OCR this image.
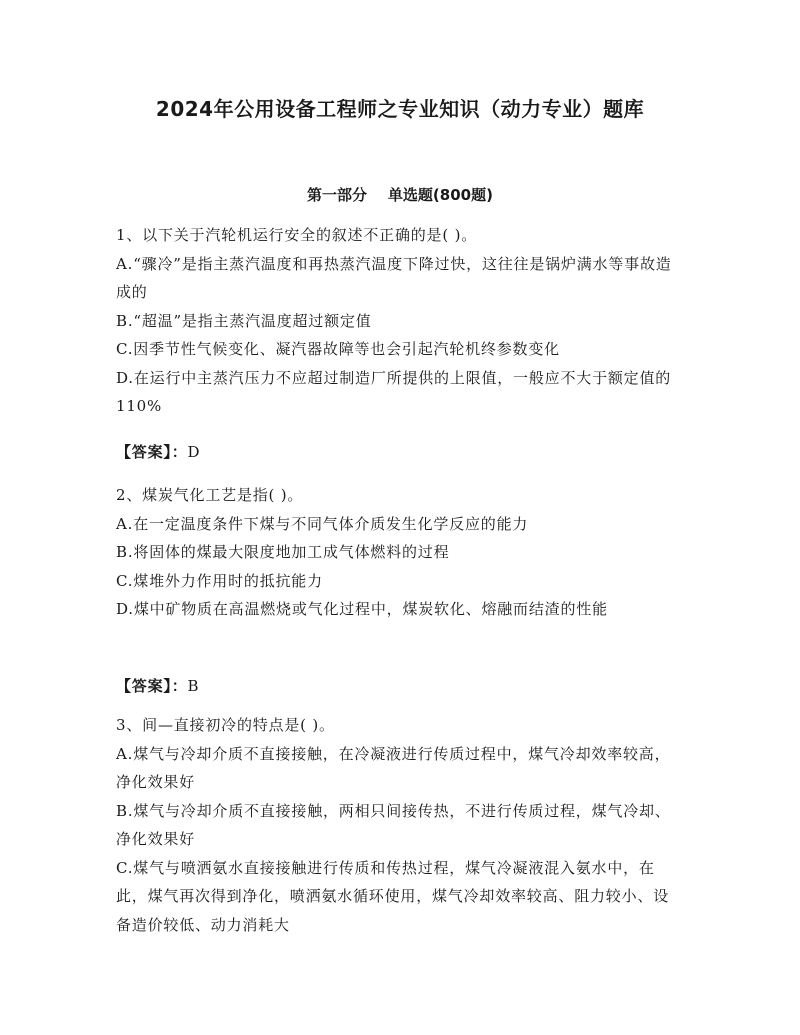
2024年公用设备工程师之专业知识（动力专业）题库
第一部分    单选题(800题)

1、以下关于汽轮机运行安全的叙述不正确的是( )。

A.“骤冷”是指主蒸汽温度和再热蒸汽温度下降过快，这往往是锅炉满水等事故造成的

B.“超温”是指主蒸汽温度超过额定值

C.因季节性气候变化、凝汽器故障等也会引起汽轮机终参数变化

D.在运行中主蒸汽压力不应超过制造厂所提供的上限值，一般应不大于额定值的110%

【答案】：D

2、煤炭气化工艺是指( )。

A.在一定温度条件下煤与不同气体介质发生化学反应的能力

B.将固体的煤最大限度地加工成气体燃料的过程

C.煤堆外力作用时的抵抗能力

D.煤中矿物质在高温燃烧或气化过程中，煤炭软化、熔融而结渣的性能

【答案】：B

3、间—直接初冷的特点是( )。

A.煤气与冷却介质不直接接触，在冷凝液进行传质过程中，煤气冷却效率较高，净化效果好

B.煤气与冷却介质不直接接触，两相只间接传热，不进行传质过程，煤气冷却、净化效果好

C.煤气与喷洒氨水直接接触进行传质和传热过程，煤气冷凝液混入氨水中，在此，煤气再次得到净化，喷洒氨水循环使用，煤气冷却效率较高、阻力较小、设备造价较低、动力消耗大
